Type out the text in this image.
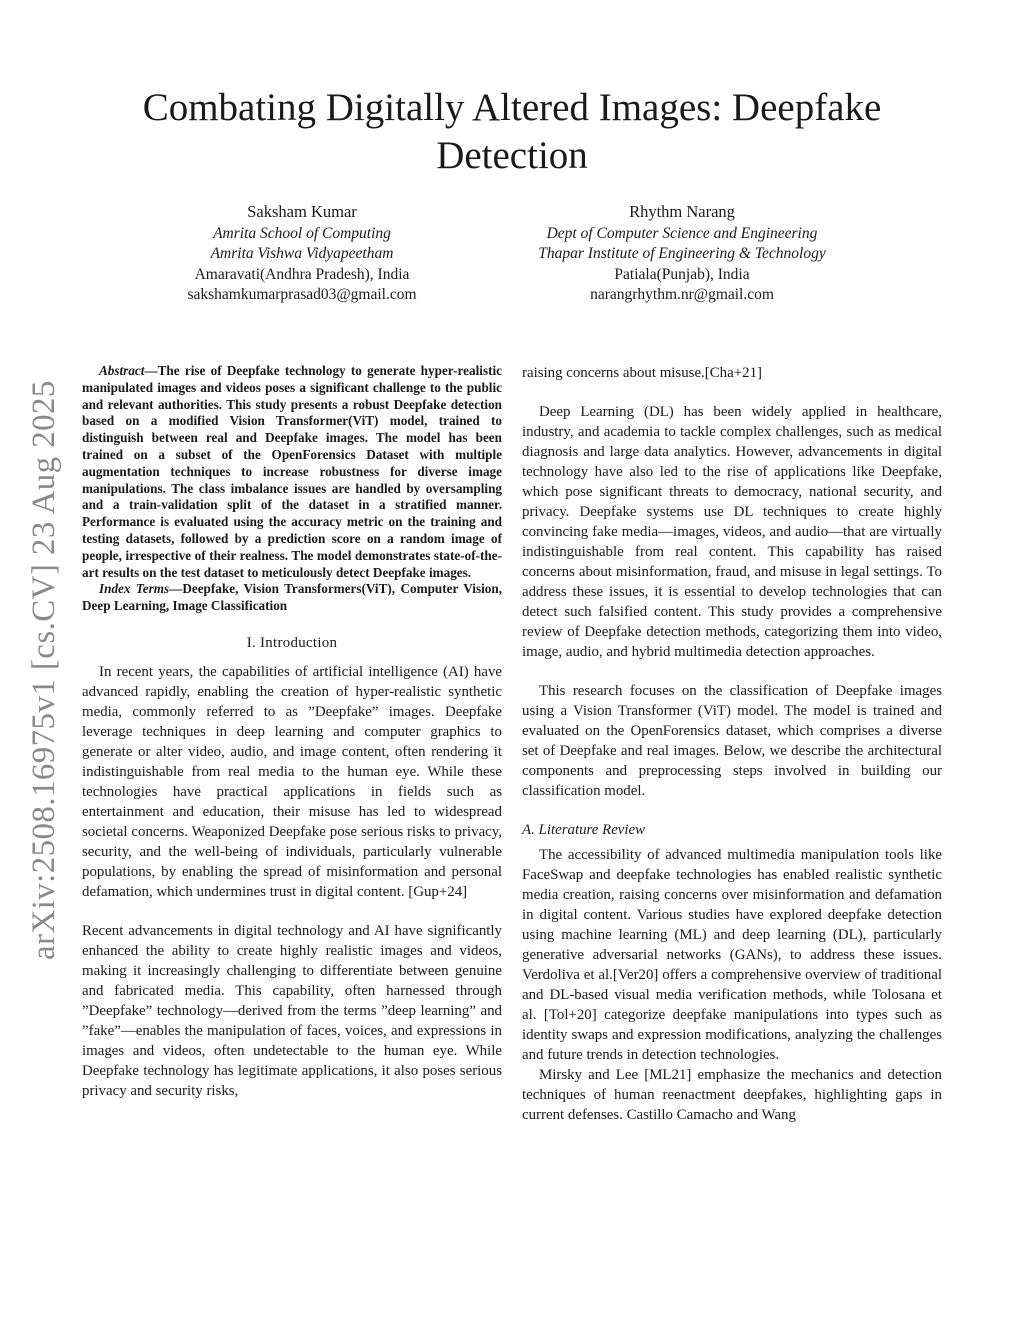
Combating Digitally Altered Images: Deepfake Detection
Saksham Kumar
Amrita School of Computing
Amrita Vishwa Vidyapeetham
Amaravati(Andhra Pradesh), India
sakshamkumarprasad03@gmail.com
Rhythm Narang
Dept of Computer Science and Engineering
Thapar Institute of Engineering & Technology
Patiala(Punjab), India
narangrhythm.nr@gmail.com
arXiv:2508.16975v1 [cs.CV] 23 Aug 2025

Abstract—The rise of Deepfake technology to generate hyper-realistic manipulated images and videos poses a significant challenge to the public and relevant authorities. This study presents a robust Deepfake detection based on a modified Vision Transformer(ViT) model, trained to distinguish between real and Deepfake images. The model has been trained on a subset of the OpenForensics Dataset with multiple augmentation techniques to increase robustness for diverse image manipulations. The class imbalance issues are handled by oversampling and a train-validation split of the dataset in a stratified manner. Performance is evaluated using the accuracy metric on the training and testing datasets, followed by a prediction score on a random image of people, irrespective of their realness. The model demonstrates state-of-the-art results on the test dataset to meticulously detect Deepfake images.

Index Terms—Deepfake, Vision Transformers(ViT), Computer Vision, Deep Learning, Image Classification

I. Introduction

In recent years, the capabilities of artificial intelligence (AI) have advanced rapidly, enabling the creation of hyper-realistic synthetic media, commonly referred to as ”Deepfake” images. Deepfake leverage techniques in deep learning and computer graphics to generate or alter video, audio, and image content, often rendering it indistinguishable from real media to the human eye. While these technologies have practical applications in fields such as entertainment and education, their misuse has led to widespread societal concerns. Weaponized Deepfake pose serious risks to privacy, security, and the well-being of individuals, particularly vulnerable populations, by enabling the spread of misinformation and personal defamation, which undermines trust in digital content. [Gup+24]

Recent advancements in digital technology and AI have significantly enhanced the ability to create highly realistic images and videos, making it increasingly challenging to differentiate between genuine and fabricated media. This capability, often harnessed through ”Deepfake” technology—derived from the terms ”deep learning” and ”fake”—enables the manipulation of faces, voices, and expressions in images and videos, often undetectable to the human eye. While Deepfake technology has legitimate applications, it also poses serious privacy and security risks,

raising concerns about misuse.[Cha+21]

Deep Learning (DL) has been widely applied in healthcare, industry, and academia to tackle complex challenges, such as medical diagnosis and large data analytics. However, advancements in digital technology have also led to the rise of applications like Deepfake, which pose significant threats to democracy, national security, and privacy. Deepfake systems use DL techniques to create highly convincing fake media—images, videos, and audio—that are virtually indistinguishable from real content. This capability has raised concerns about misinformation, fraud, and misuse in legal settings. To address these issues, it is essential to develop technologies that can detect such falsified content. This study provides a comprehensive review of Deepfake detection methods, categorizing them into video, image, audio, and hybrid multimedia detection approaches.

This research focuses on the classification of Deepfake images using a Vision Transformer (ViT) model. The model is trained and evaluated on the OpenForensics dataset, which comprises a diverse set of Deepfake and real images. Below, we describe the architectural components and preprocessing steps involved in building our classification model.

A. Literature Review

The accessibility of advanced multimedia manipulation tools like FaceSwap and deepfake technologies has enabled realistic synthetic media creation, raising concerns over misinformation and defamation in digital content. Various studies have explored deepfake detection using machine learning (ML) and deep learning (DL), particularly generative adversarial networks (GANs), to address these issues. Verdoliva et al.[Ver20] offers a comprehensive overview of traditional and DL-based visual media verification methods, while Tolosana et al. [Tol+20] categorize deepfake manipulations into types such as identity swaps and expression modifications, analyzing the challenges and future trends in detection technologies.

Mirsky and Lee [ML21] emphasize the mechanics and detection techniques of human reenactment deepfakes, highlighting gaps in current defenses. Castillo Camacho and Wang
